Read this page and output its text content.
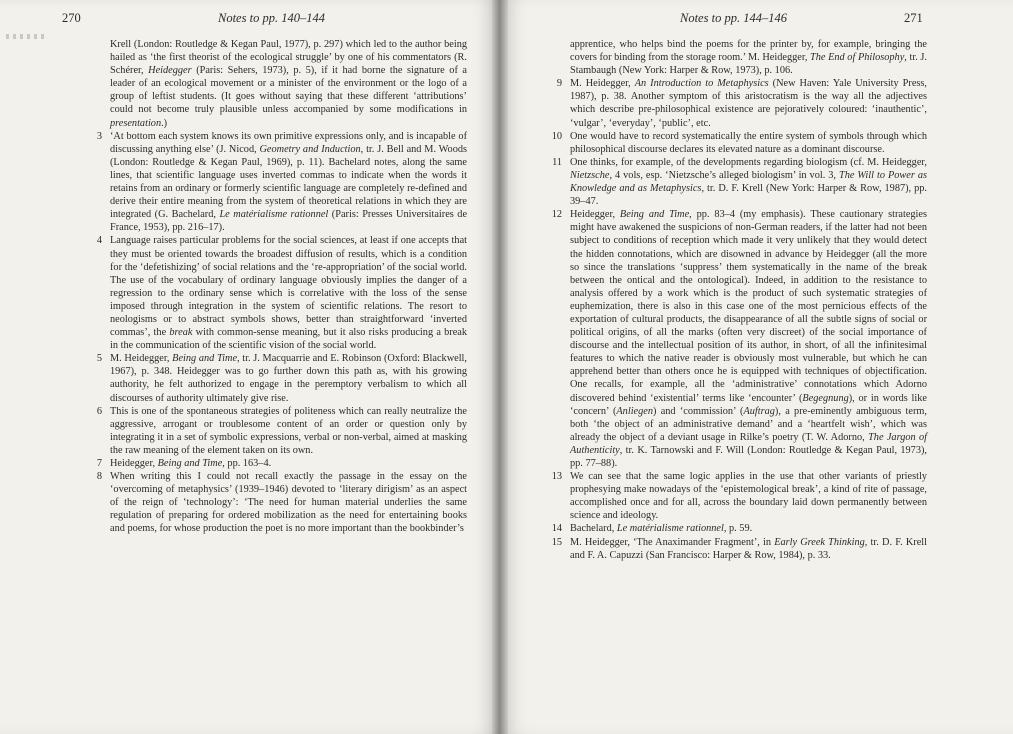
270	Notes to pp. 140–144
Krell (London: Routledge & Kegan Paul, 1977), p. 297) which led to the author being hailed as ‘the first theorist of the ecological struggle’ by one of his commentators (R. Schérer, Heidegger (Paris: Sehers, 1973), p. 5), if it had borne the signature of a leader of an ecological movement or a minister of the environment or the logo of a group of leftist students. (It goes without saying that these different ‘attributions’ could not become truly plausible unless accompanied by some modifications in presentation.)
3 ‘At bottom each system knows its own primitive expressions only, and is incapable of discussing anything else’ (J. Nicod, Geometry and Induction, tr. J. Bell and M. Woods (London: Routledge & Kegan Paul, 1969), p. 11). Bachelard notes, along the same lines, that scientific language uses inverted commas to indicate when the words it retains from an ordinary or formerly scientific language are completely re-defined and derive their entire meaning from the system of theoretical relations in which they are integrated (G. Bachelard, Le matérialisme rationnel (Paris: Presses Universitaires de France, 1953), pp. 216–17).
4 Language raises particular problems for the social sciences, at least if one accepts that they must be oriented towards the broadest diffusion of results, which is a condition for the ‘defetishizing’ of social relations and the ‘re-appropriation’ of the social world. The use of the vocabulary of ordinary language obviously implies the danger of a regression to the ordinary sense which is correlative with the loss of the sense imposed through integration in the system of scientific relations. The resort to neologisms or to abstract symbols shows, better than straightforward ‘inverted commas’, the break with common-sense meaning, but it also risks producing a break in the communication of the scientific vision of the social world.
5 M. Heidegger, Being and Time, tr. J. Macquarrie and E. Robinson (Oxford: Blackwell, 1967), p. 348. Heidegger was to go further down this path as, with his growing authority, he felt authorized to engage in the peremptory verbalism to which all discourses of authority ultimately give rise.
6 This is one of the spontaneous strategies of politeness which can really neutralize the aggressive, arrogant or troublesome content of an order or question only by integrating it in a set of symbolic expressions, verbal or non-verbal, aimed at masking the raw meaning of the element taken on its own.
7 Heidegger, Being and Time, pp. 163–4.
8 When writing this I could not recall exactly the passage in the essay on the ‘overcoming of metaphysics’ (1939–1946) devoted to ‘literary dirigism’ as an aspect of the reign of ‘technology’: ‘The need for human material underlies the same regulation of preparing for ordered mobilization as the need for entertaining books and poems, for whose production the poet is no more important than the bookbinder’s
Notes to pp. 144–146	271
apprentice, who helps bind the poems for the printer by, for example, bringing the covers for binding from the storage room.’ M. Heidegger, The End of Philosophy, tr. J. Stambaugh (New York: Harper & Row, 1973), p. 106.
9 M. Heidegger, An Introduction to Metaphysics (New Haven: Yale University Press, 1987), p. 38. Another symptom of this aristocratism is the way all the adjectives which describe pre-philosophical existence are pejoratively coloured: ‘inauthentic’, ‘vulgar’, ‘everyday’, ‘public’, etc.
10 One would have to record systematically the entire system of symbols through which philosophical discourse declares its elevated nature as a dominant discourse.
11 One thinks, for example, of the developments regarding biologism (cf. M. Heidegger, Nietzsche, 4 vols, esp. ‘Nietzsche’s alleged biologism’ in vol. 3, The Will to Power as Knowledge and as Metaphysics, tr. D. F. Krell (New York: Harper & Row, 1987), pp. 39–47.
12 Heidegger, Being and Time, pp. 83–4 (my emphasis). These cautionary strategies might have awakened the suspicions of non-German readers, if the latter had not been subject to conditions of reception which made it very unlikely that they would detect the hidden connotations, which are disowned in advance by Heidegger (all the more so since the translations ‘suppress’ them systematically in the name of the break between the ontical and the ontological). Indeed, in addition to the resistance to analysis offered by a work which is the product of such systematic strategies of euphemization, there is also in this case one of the most pernicious effects of the exportation of cultural products, the disappearance of all the subtle signs of social or political origins, of all the marks (often very discreet) of the social importance of discourse and the intellectual position of its author, in short, of all the infinitesimal features to which the native reader is obviously most vulnerable, but which he can apprehend better than others once he is equipped with techniques of objectification. One recalls, for example, all the ‘administrative’ connotations which Adorno discovered behind ‘existential’ terms like ‘encounter’ (Begegnung), or in words like ‘concern’ (Anliegen) and ‘commission’ (Auftrag), a pre-eminently ambiguous term, both ‘the object of an administrative demand’ and a ‘heartfelt wish’, which was already the object of a deviant usage in Rilke’s poetry (T. W. Adorno, The Jargon of Authenticity, tr. K. Tarnowski and F. Will (London: Routledge & Kegan Paul, 1973), pp. 77–88).
13 We can see that the same logic applies in the use that other variants of priestly prophesying make nowadays of the ‘epistemological break’, a kind of rite of passage, accomplished once and for all, across the boundary laid down permanently between science and ideology.
14 Bachelard, Le matérialisme rationnel, p. 59.
15 M. Heidegger, ‘The Anaximander Fragment’, in Early Greek Thinking, tr. D. F. Krell and F. A. Capuzzi (San Francisco: Harper & Row, 1984), p. 33.
